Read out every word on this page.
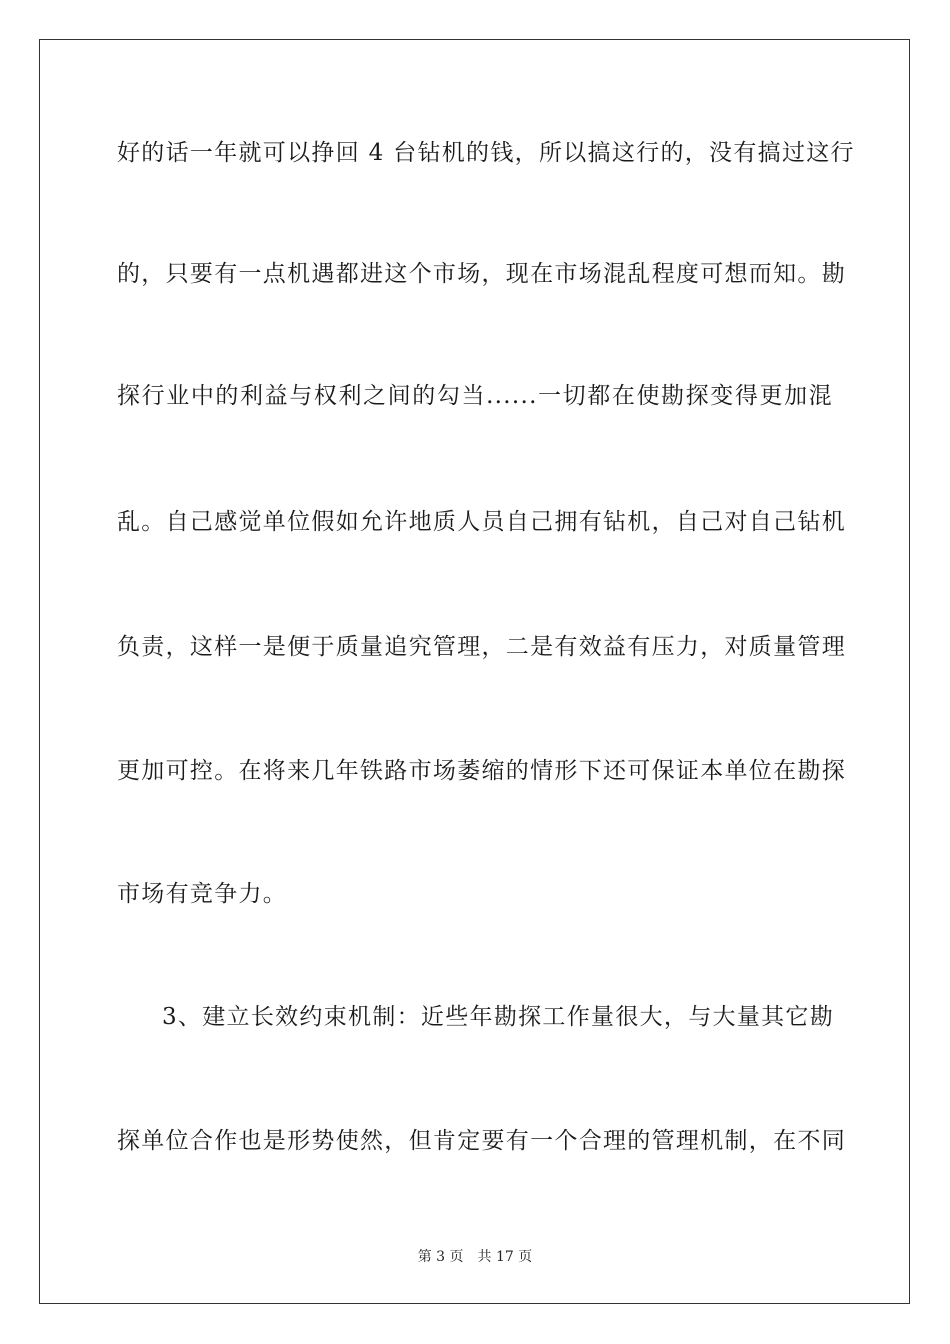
好的话一年就可以挣回 4 台钻机的钱，所以搞这行的，没有搞过这行
的，只要有一点机遇都进这个市场，现在市场混乱程度可想而知。勘
探行业中的利益与权利之间的勾当......一切都在使勘探变得更加混
乱。自己感觉单位假如允许地质人员自己拥有钻机，自己对自己钻机
负责，这样一是便于质量追究管理，二是有效益有压力，对质量管理
更加可控。在将来几年铁路市场萎缩的情形下还可保证本单位在勘探
市场有竞争力。
3、建立长效约束机制：近些年勘探工作量很大，与大量其它勘
探单位合作也是形势使然，但肯定要有一个合理的管理机制，在不同
第 3 页 共 17 页
